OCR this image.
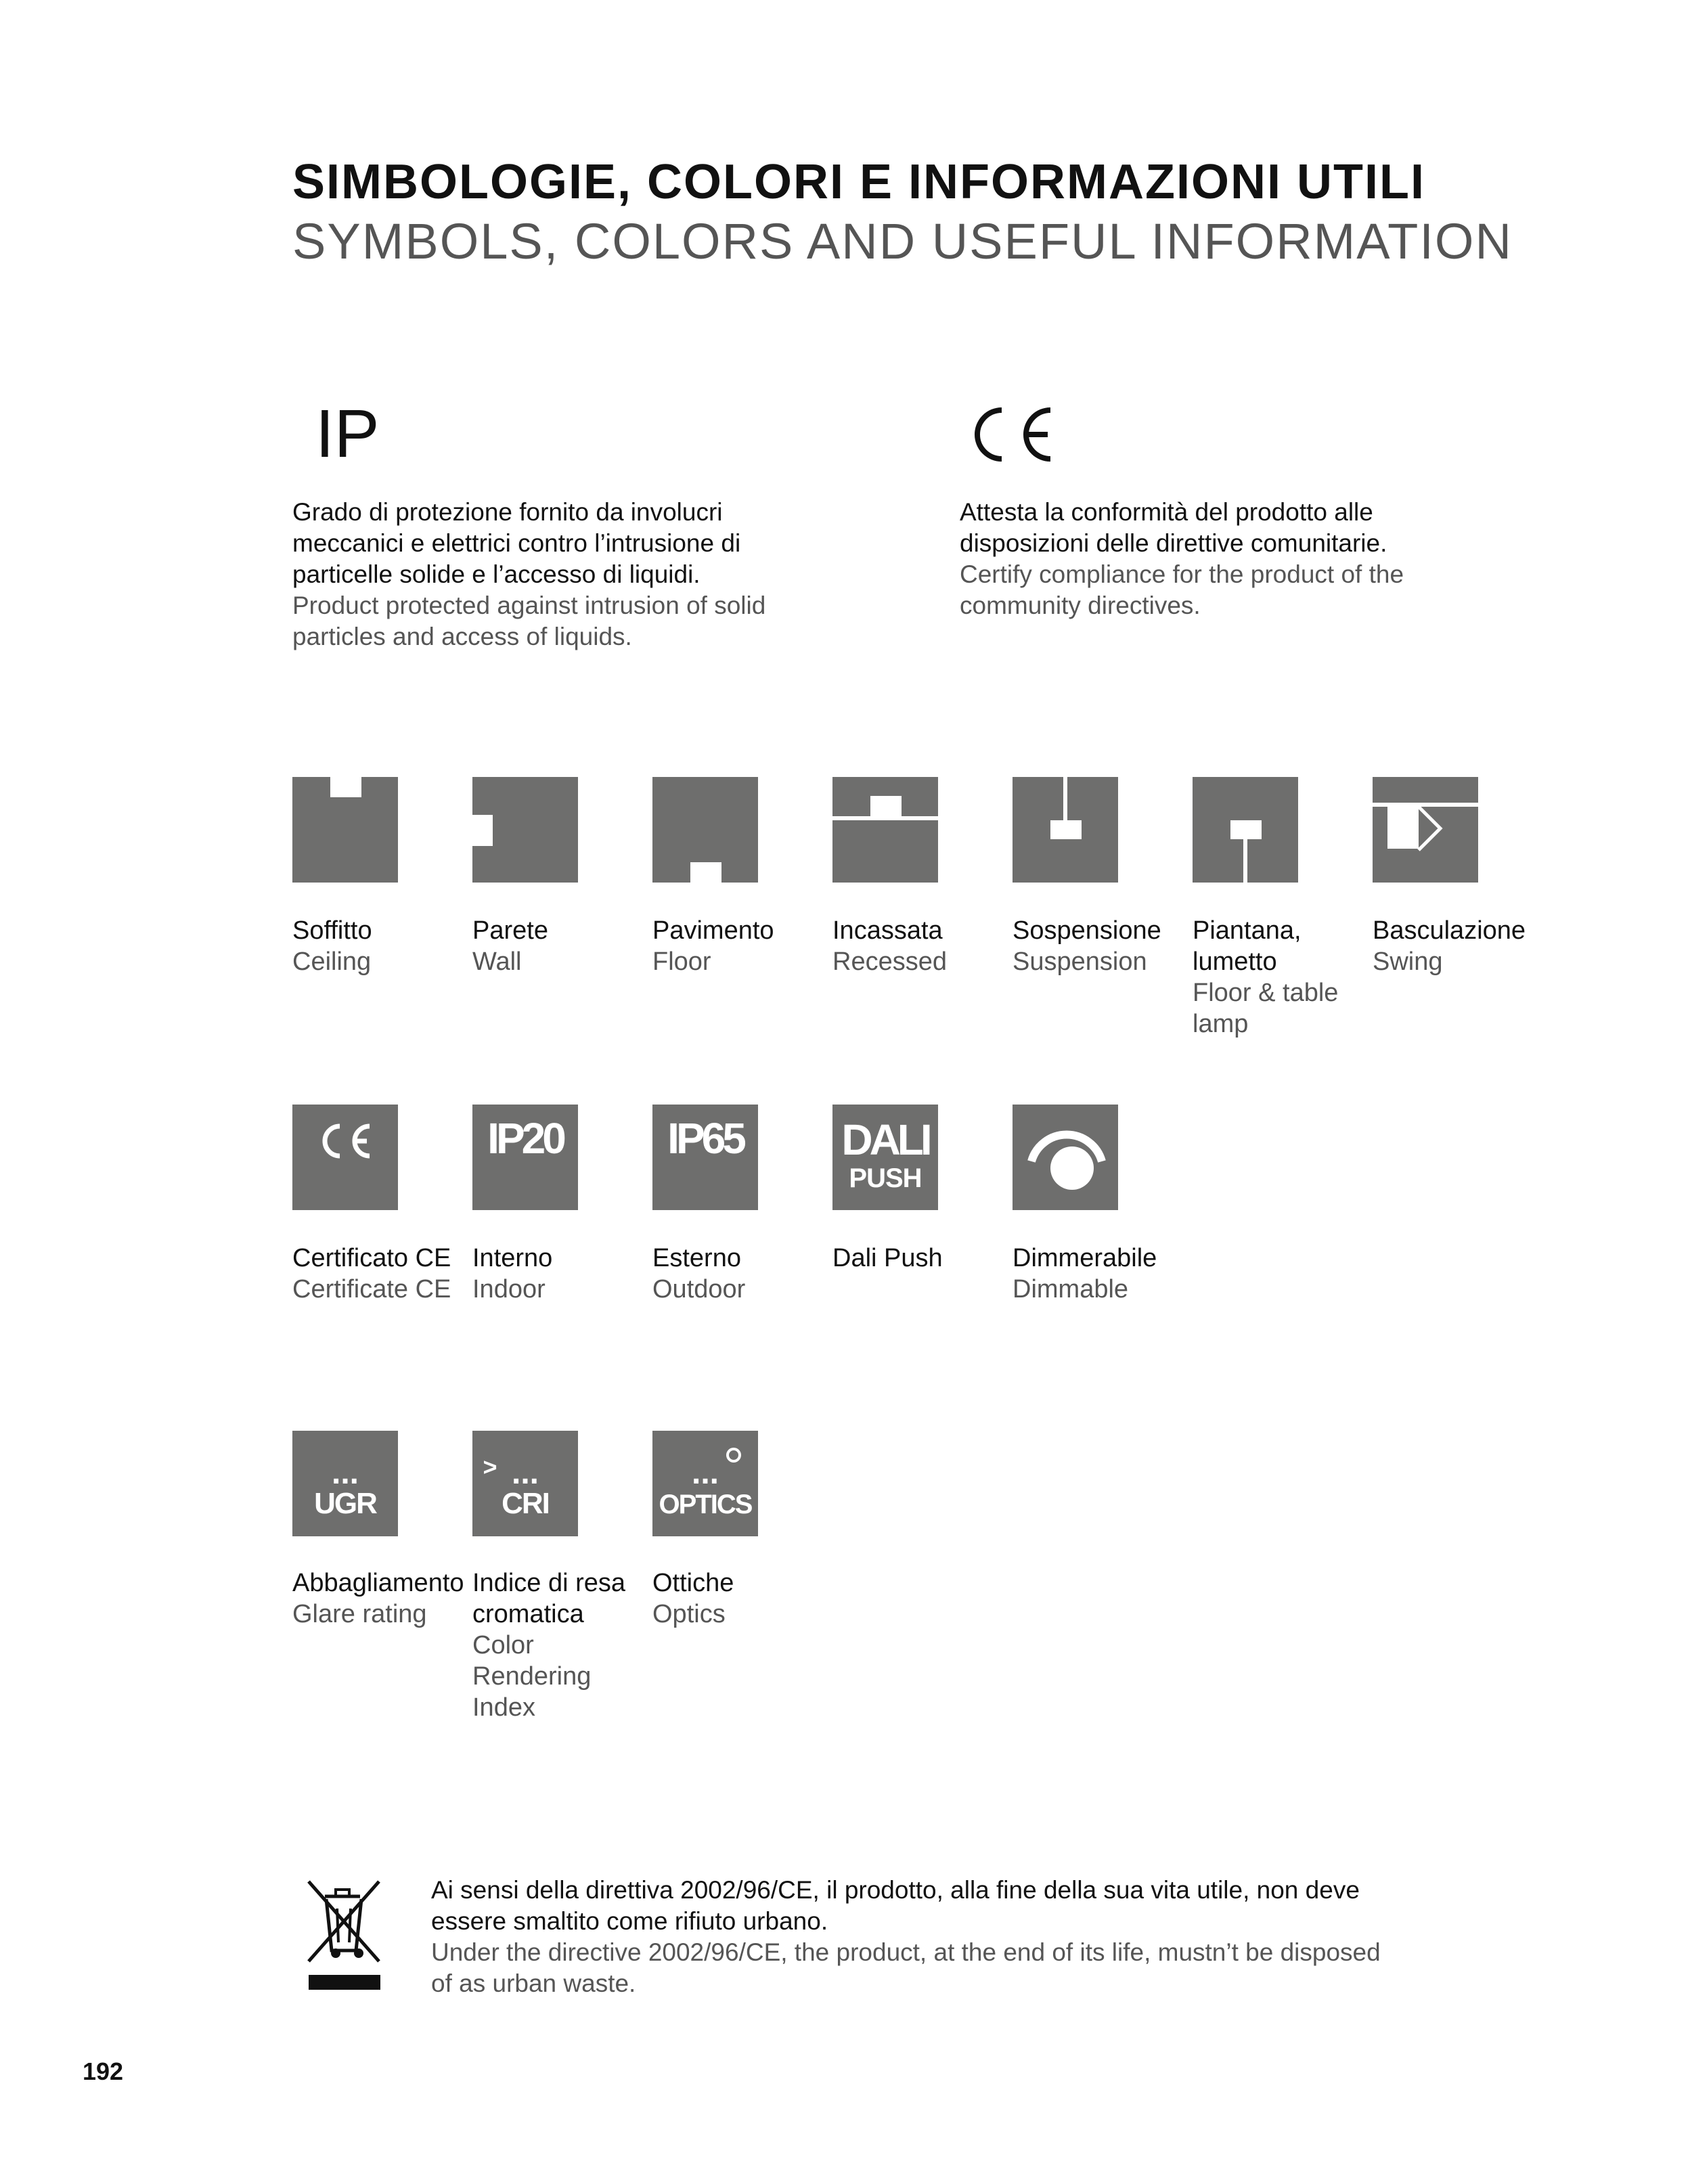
SIMBOLOGIE, COLORI E INFORMAZIONI UTILI
SYMBOLS, COLORS AND USEFUL INFORMATION
IP
Grado di protezione fornito da involucri meccanici e elettrici contro l’intrusione di particelle solide e l’accesso di liquidi.
Product protected against intrusion of solid particles and access of liquids.
Attesta la conformità del prodotto alle disposizioni delle direttive comunitarie.
Certify compliance for the product of the community directives.
Soffitto
Ceiling
Parete
Wall
Pavimento
Floor
Incassata
Recessed
Sospensione
Suspension
Piantana, lumetto
Floor & table lamp
Basculazione
Swing
Certificato CE
Certificate CE
IP20
Interno
Indoor
IP65
Esterno
Outdoor
DALI
PUSH
Dali Push	Dimmerabile
Dimmable
...
UGR
Abbagliamento
Glare rating
> ...
CRI
Indice di resa cromatica
Color Rendering Index
...
OPTICS
Ottiche
Optics
Ai sensi della direttiva 2002/96/CE, il prodotto, alla fine della sua vita utile, non deve essere smaltito come rifiuto urbano.
Under the directive 2002/96/CE, the product, at the end of its life, mustn’t be disposed of as urban waste.
192
